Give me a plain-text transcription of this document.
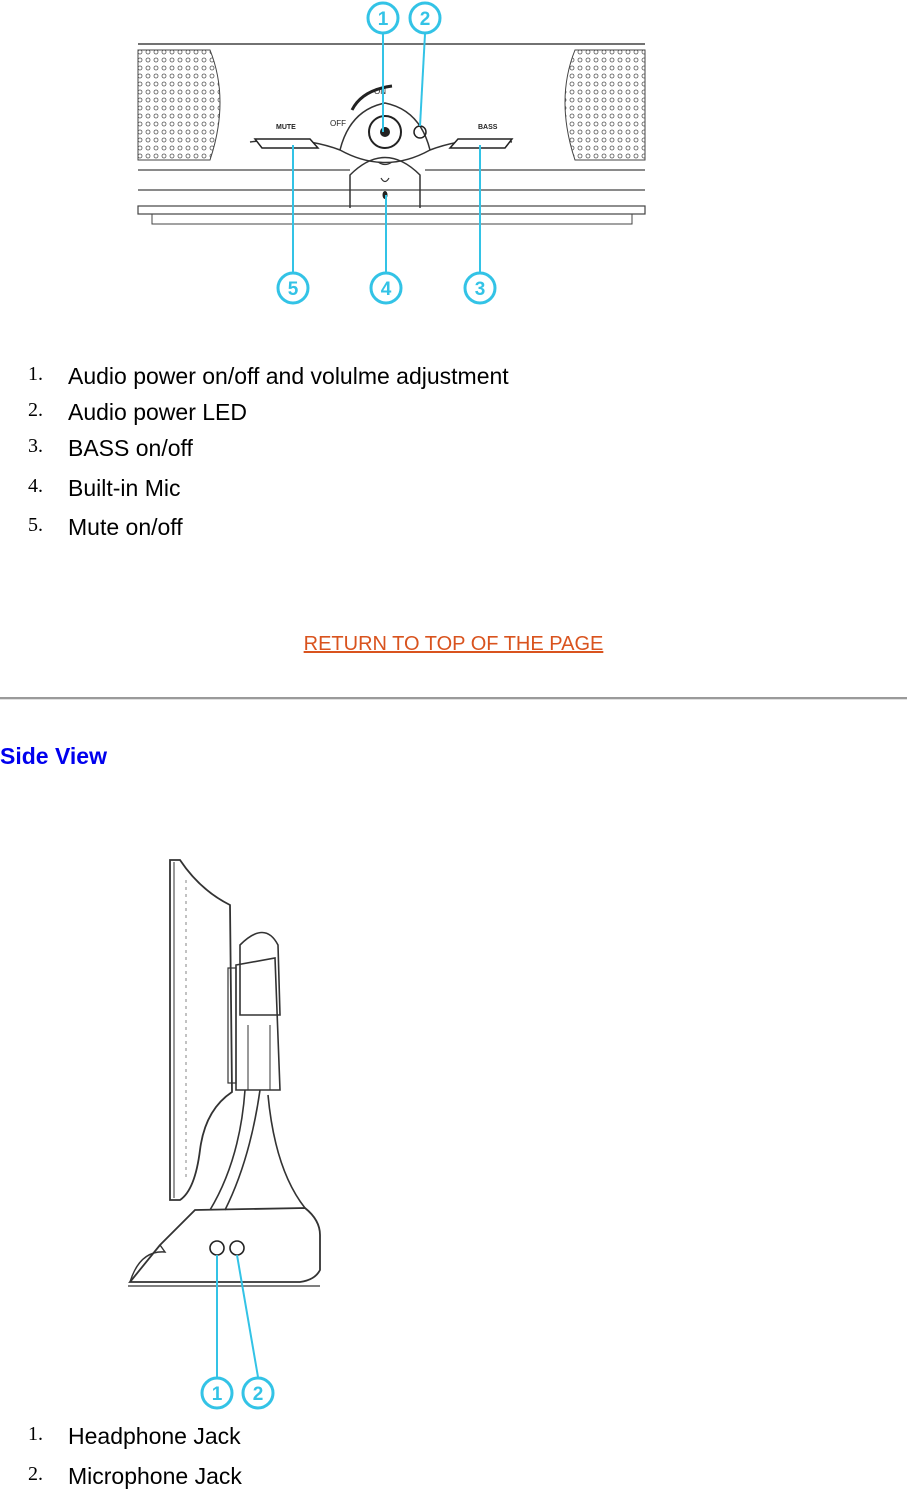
ON
OFF
MUTE	BASS
1 2
3
4
5
1. Audio power on/off and volulme adjustment
2. Audio power LED
3. BASS on/off
4. Built-in Mic
5. Mute on/off
RETURN TO TOP OF THE PAGE
Side View
1 2
1. Headphone Jack
2. Microphone Jack
